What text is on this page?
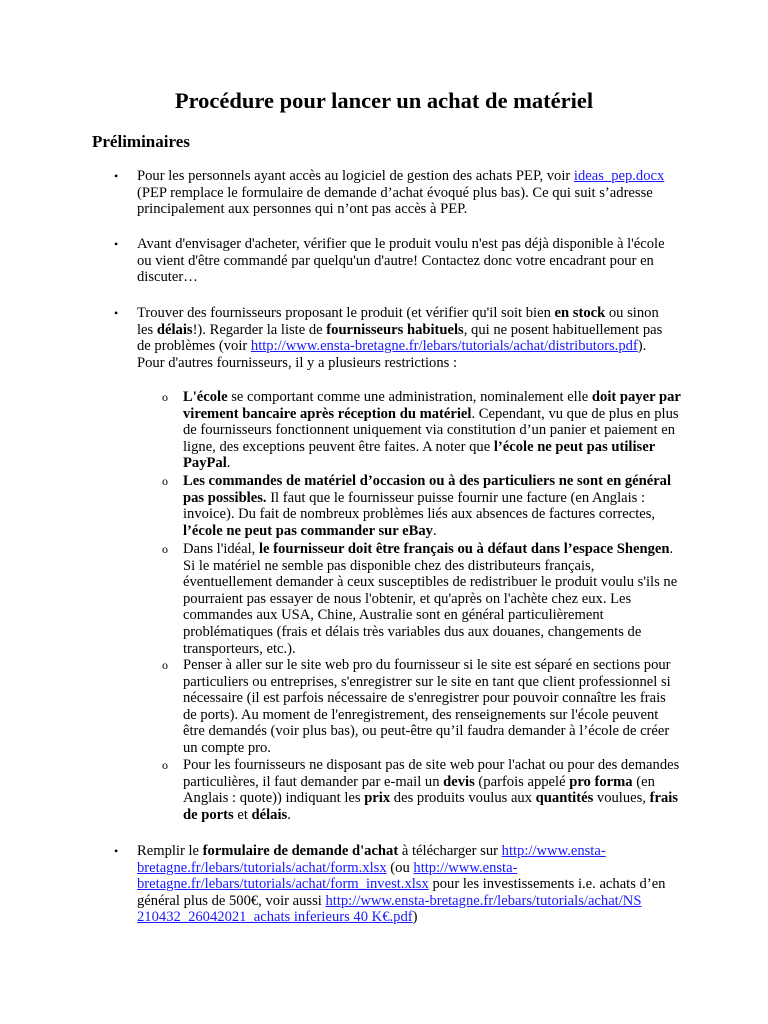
Procédure pour lancer un achat de matériel
Préliminaires
• Pour les personnels ayant accès au logiciel de gestion des achats PEP, voir ideas_pep.docx (PEP remplace le formulaire de demande d’achat évoqué plus bas). Ce qui suit s’adresse principalement aux personnes qui n’ont pas accès à PEP.

• Avant d'envisager d'acheter, vérifier que le produit voulu n'est pas déjà disponible à l'école ou vient d'être commandé par quelqu'un d'autre! Contactez donc votre encadrant pour en discuter…

• Trouver des fournisseurs proposant le produit (et vérifier qu'il soit bien en stock ou sinon les délais!). Regarder la liste de fournisseurs habituels, qui ne posent habituellement pas de problèmes (voir http://www.ensta-bretagne.fr/lebars/tutorials/achat/distributors.pdf). Pour d'autres fournisseurs, il y a plusieurs restrictions :

o L'école se comportant comme une administration, nominalement elle doit payer par virement bancaire après réception du matériel. Cependant, vu que de plus en plus de fournisseurs fonctionnent uniquement via constitution d’un panier et paiement en ligne, des exceptions peuvent être faites. A noter que l’école ne peut pas utiliser PayPal.

o Les commandes de matériel d’occasion ou à des particuliers ne sont en général pas possibles. Il faut que le fournisseur puisse fournir une facture (en Anglais : invoice). Du fait de nombreux problèmes liés aux absences de factures correctes, l’école ne peut pas commander sur eBay.

o Dans l'idéal, le fournisseur doit être français ou à défaut dans l’espace Shengen. Si le matériel ne semble pas disponible chez des distributeurs français, éventuellement demander à ceux susceptibles de redistribuer le produit voulu s'ils ne pourraient pas essayer de nous l'obtenir, et qu'après on l'achète chez eux. Les commandes aux USA, Chine, Australie sont en général particulièrement problématiques (frais et délais très variables dus aux douanes, changements de transporteurs, etc.).

o Penser à aller sur le site web pro du fournisseur si le site est séparé en sections pour particuliers ou entreprises, s'enregistrer sur le site en tant que client professionnel si nécessaire (il est parfois nécessaire de s'enregistrer pour pouvoir connaître les frais de ports). Au moment de l'enregistrement, des renseignements sur l'école peuvent être demandés (voir plus bas), ou peut-être qu’il faudra demander à l’école de créer un compte pro.

o Pour les fournisseurs ne disposant pas de site web pour l'achat ou pour des demandes particulières, il faut demander par e-mail un devis (parfois appelé pro forma (en Anglais : quote)) indiquant les prix des produits voulus aux quantités voulues, frais de ports et délais.

• Remplir le formulaire de demande d'achat à télécharger sur http://www.ensta-bretagne.fr/lebars/tutorials/achat/form.xlsx (ou http://www.ensta-bretagne.fr/lebars/tutorials/achat/form_invest.xlsx pour les investissements i.e. achats d’en général plus de 500€, voir aussi http://www.ensta-bretagne.fr/lebars/tutorials/achat/NS 210432_26042021_achats inferieurs 40 K€.pdf)
